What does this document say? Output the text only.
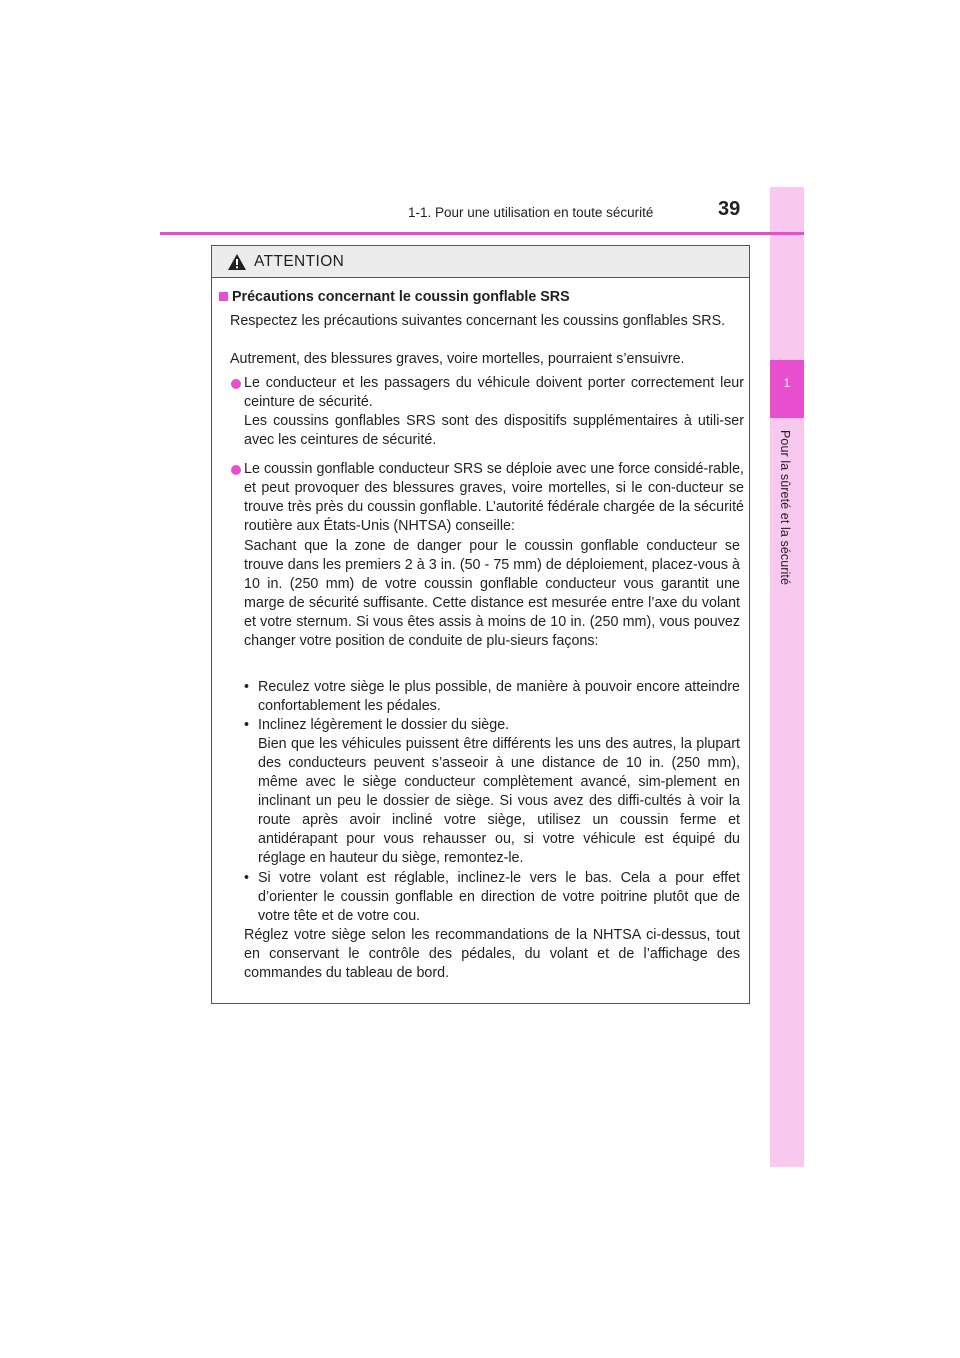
1
Pour la sûreté et la sécurité
1-1. Pour une utilisation en toute sécurité	39
ATTENTION
Précautions concernant le coussin gonflable SRS

Respectez les précautions suivantes concernant les coussins gonflables SRS.

Autrement, des blessures graves, voire mortelles, pourraient s’ensuivre.

Le conducteur et les passagers du véhicule doivent porter correctement leur ceinture de sécurité.

Les coussins gonflables SRS sont des dispositifs supplémentaires à utili-ser avec les ceintures de sécurité.

Le coussin gonflable conducteur SRS se déploie avec une force considé-rable, et peut provoquer des blessures graves, voire mortelles, si le con-ducteur se trouve très près du coussin gonflable. L’autorité fédérale chargée de la sécurité routière aux États-Unis (NHTSA) conseille:

Sachant que la zone de danger pour le coussin gonflable conducteur se trouve dans les premiers 2 à 3 in. (50 - 75 mm) de déploiement, placez-vous à 10 in. (250 mm) de votre coussin gonflable conducteur vous garantit une marge de sécurité suffisante. Cette distance est mesurée entre l’axe du volant et votre sternum. Si vous êtes assis à moins de 10 in. (250 mm), vous pouvez changer votre position de conduite de plu-sieurs façons:

• Reculez votre siège le plus possible, de manière à pouvoir encore atteindre confortablement les pédales.

• Inclinez légèrement le dossier du siège.

Bien que les véhicules puissent être différents les uns des autres, la plupart des conducteurs peuvent s’asseoir à une distance de 10 in. (250 mm), même avec le siège conducteur complètement avancé, sim-plement en inclinant un peu le dossier de siège. Si vous avez des diffi-cultés à voir la route après avoir incliné votre siège, utilisez un coussin ferme et antidérapant pour vous rehausser ou, si votre véhicule est équipé du réglage en hauteur du siège, remontez-le.

• Si votre volant est réglable, inclinez-le vers le bas. Cela a pour effet d’orienter le coussin gonflable en direction de votre poitrine plutôt que de votre tête et de votre cou.

Réglez votre siège selon les recommandations de la NHTSA ci-dessus, tout en conservant le contrôle des pédales, du volant et de l’affichage des commandes du tableau de bord.
